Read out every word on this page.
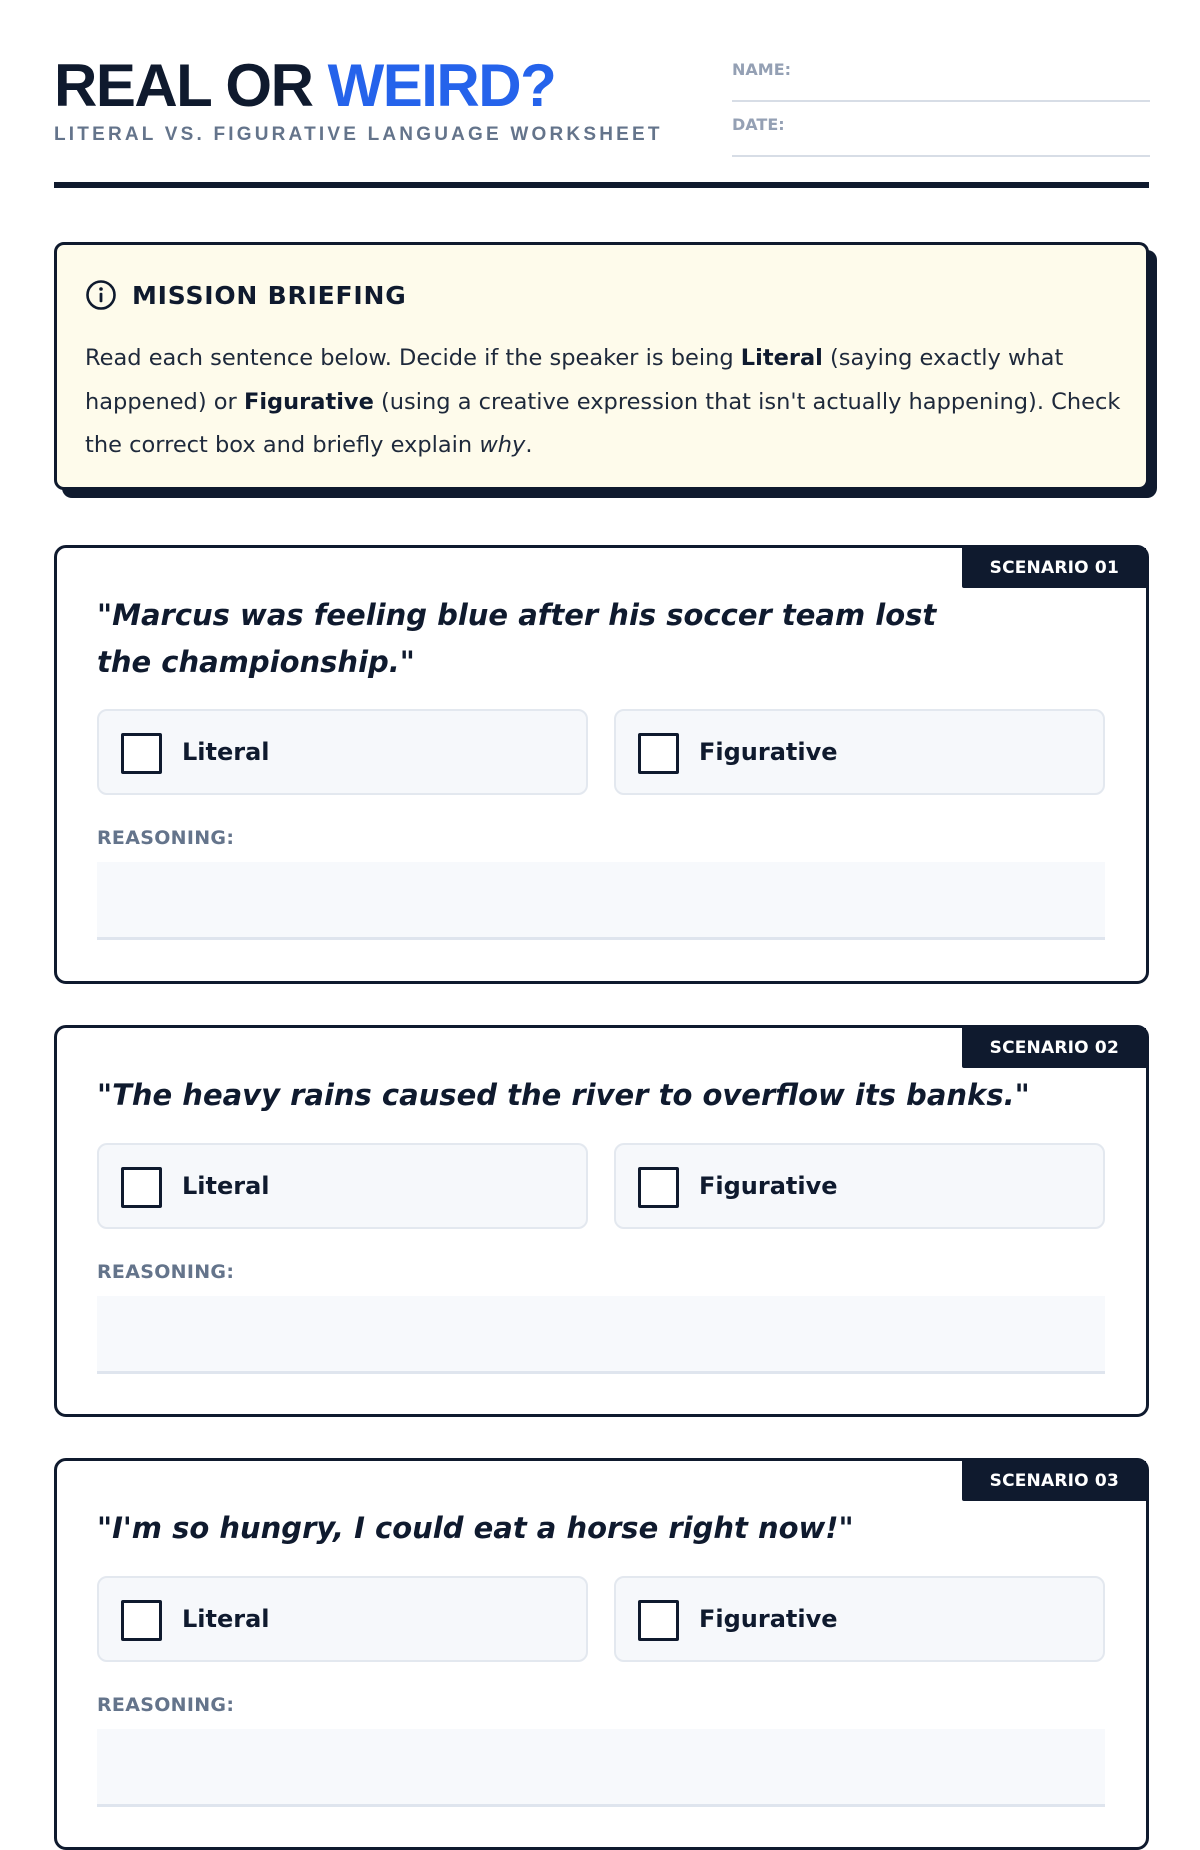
REAL OR WEIRD?
LITERAL VS. FIGURATIVE LANGUAGE WORKSHEET
NAME:
DATE:
MISSION BRIEFING

Read each sentence below. Decide if the speaker is being Literal (saying exactly what happened) or Figurative (using a creative expression that isn't actually happening). Check the correct box and briefly explain why.

SCENARIO 01

"Marcus was feeling blue after his soccer team lost the championship."

Literal	Figurative
REASONING:
SCENARIO 02

"The heavy rains caused the river to overflow its banks."

Literal	Figurative
REASONING:
SCENARIO 03

"I'm so hungry, I could eat a horse right now!"

Literal	Figurative
REASONING:
